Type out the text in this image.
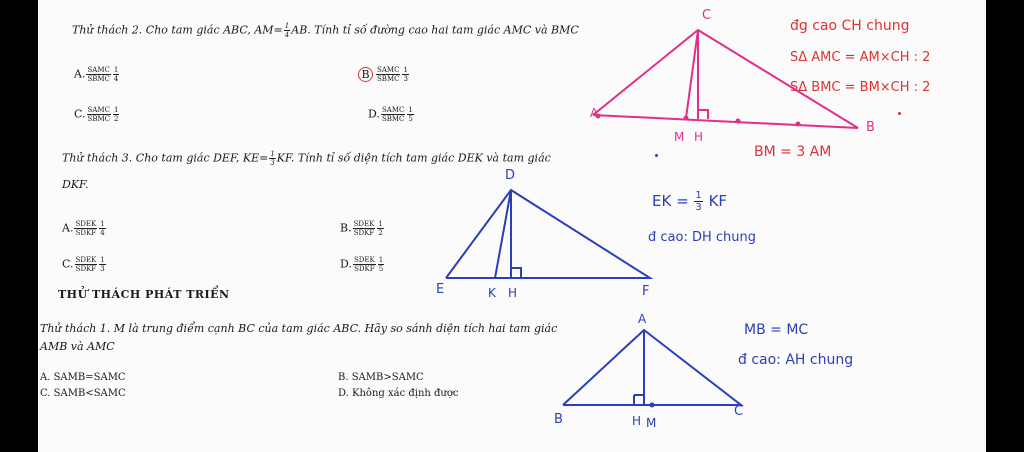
Thử thách 2. Cho tam giác ABC, $AM= \frac{1}{4}$ AB. Tính tỉ số đường cao hai tam giác AMC và BMC
A. $\frac{\text{SAMC}}{\text{SBMC}} \frac{1}{4}$	B $\frac{\text{SAMC}}{\text{SBMC}} \frac{1}{3}$
C. $\frac{\text{SAMC}}{\text{SBMC}} \frac{1}{2}$	D. $\frac{\text{SAMC}}{\text{SBMC}} \frac{1}{5}$
Thử thách 3. Cho tam giác DEF, $KE= \frac{1}{3}$ KF. Tính tỉ số diện tích tam giác DEK và tam giác
DKF.
A. $\frac{\text{SDEK}}{\text{SDKF}} \frac{1}{4}$	B. $\frac{\text{SDEK}}{\text{SDKF}} \frac{1}{2}$
C. $\frac{\text{SDEK}}{\text{SDKF}} \frac{1}{3}$	D. $\frac{\text{SDEK}}{\text{SDKF}} \frac{1}{5}$
THỬ THÁCH PHÁT TRIỂN
Thử thách 1. M là trung điểm cạnh BC của tam giác ABC. Hãy so sánh diện tích hai tam giác
AMB và AMC
A. SAMB=SAMC	B. SAMB>SAMC
C. SAMB<SAMC	D. Không xác định được
C
A
M H
B
D
E	K H	F
A
B	H M
C
đg cao CH chung
SΔ AMC = AM×CH : 2
SΔ BMC = BM×CH : 2
BM = 3 AM
EK = $\frac{1}{3}$ KF
đ cao: DH chung
MB = MC
đ cao: AH chung
